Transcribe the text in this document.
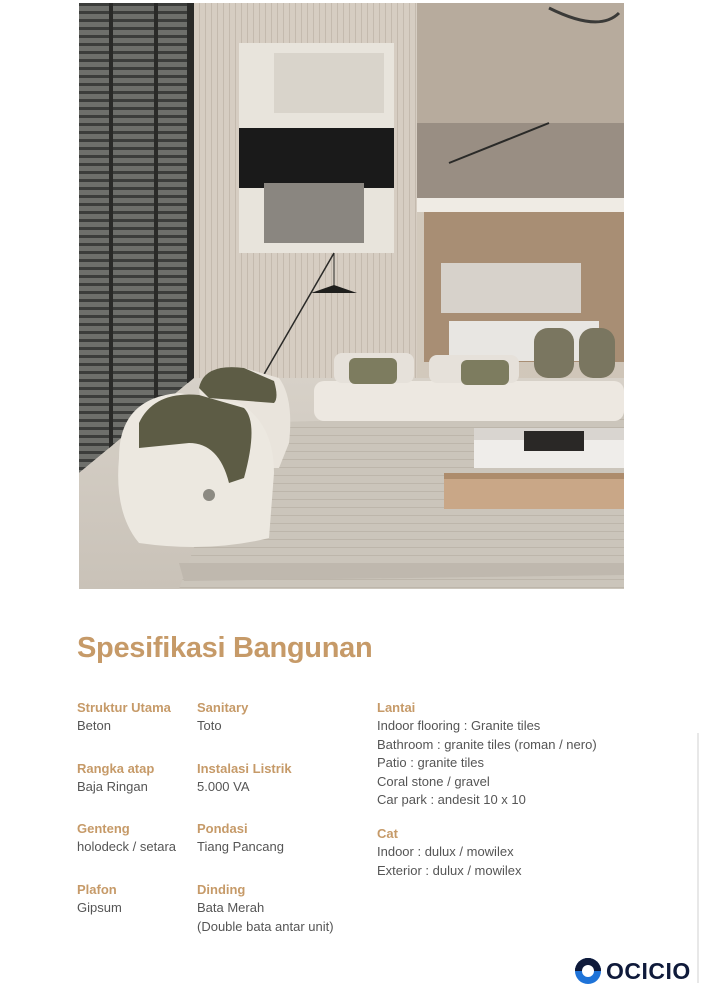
Spesifikasi Bangunan
Struktur Utama
Beton
Rangka atap
Baja Ringan
Genteng
holodeck / setara
Plafon
Gipsum
Sanitary
Toto
Instalasi Listrik
5.000 VA
Pondasi
Tiang Pancang
Dinding
Bata Merah
(Double bata antar unit)
Lantai
Indoor flooring : Granite tiles
Bathroom : granite tiles (roman / nero)
Patio : granite tiles
Coral stone / gravel
Car park : andesit 10 x 10
Cat
Indoor : dulux / mowilex
Exterior : dulux / mowilex
OCICIO
